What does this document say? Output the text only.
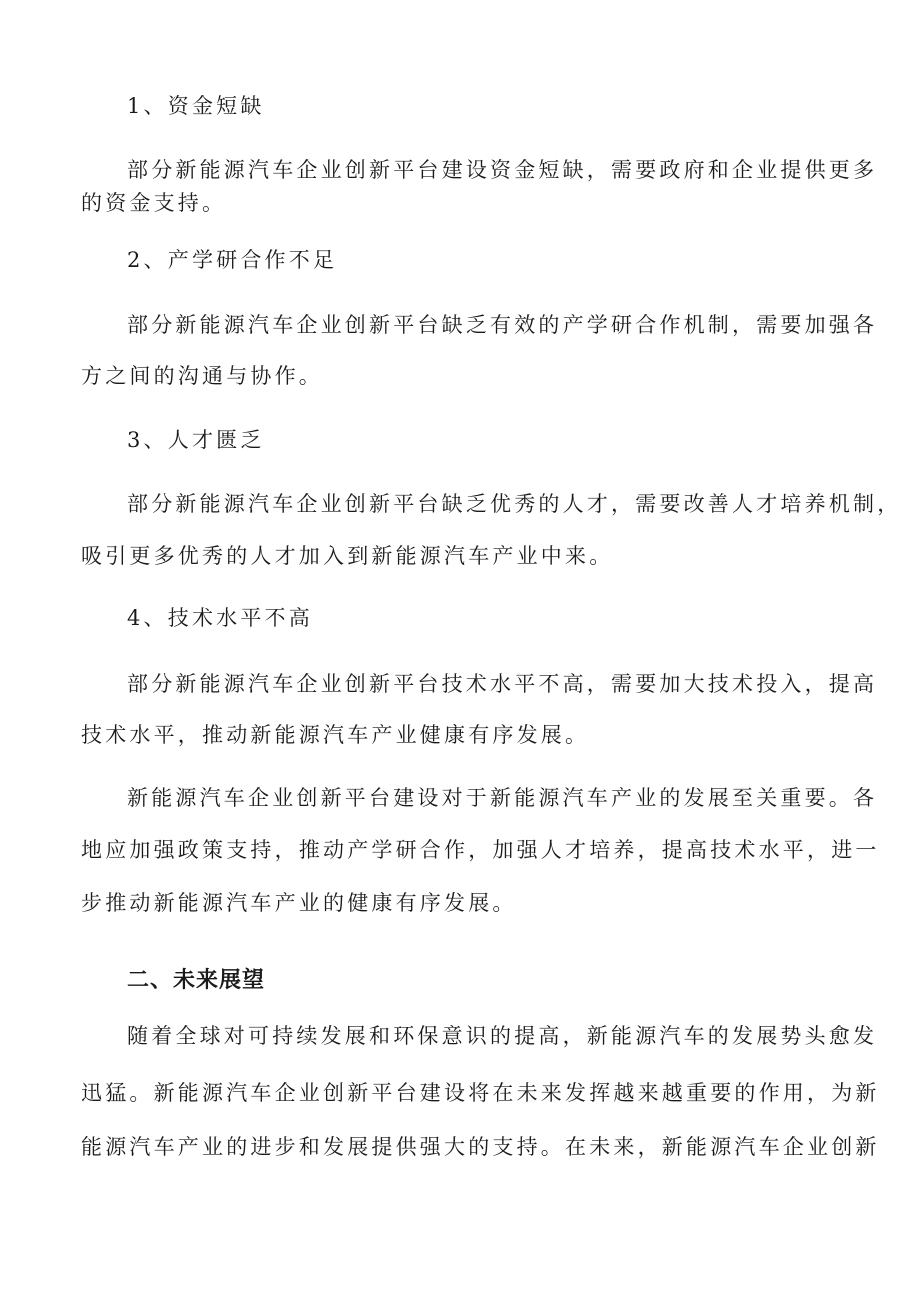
1、资金短缺
部分新能源汽车企业创新平台建设资金短缺，需要政府和企业提供更多
的资金支持。
2、产学研合作不足
部分新能源汽车企业创新平台缺乏有效的产学研合作机制，需要加强各
方之间的沟通与协作。
3、人才匮乏
部分新能源汽车企业创新平台缺乏优秀的人才，需要改善人才培养机制，
吸引更多优秀的人才加入到新能源汽车产业中来。
4、技术水平不高
部分新能源汽车企业创新平台技术水平不高，需要加大技术投入，提高
技术水平，推动新能源汽车产业健康有序发展。
新能源汽车企业创新平台建设对于新能源汽车产业的发展至关重要。各
地应加强政策支持，推动产学研合作，加强人才培养，提高技术水平，进一
步推动新能源汽车产业的健康有序发展。
二、未来展望
随着全球对可持续发展和环保意识的提高，新能源汽车的发展势头愈发
迅猛。新能源汽车企业创新平台建设将在未来发挥越来越重要的作用，为新
能源汽车产业的进步和发展提供强大的支持。在未来，新能源汽车企业创新
